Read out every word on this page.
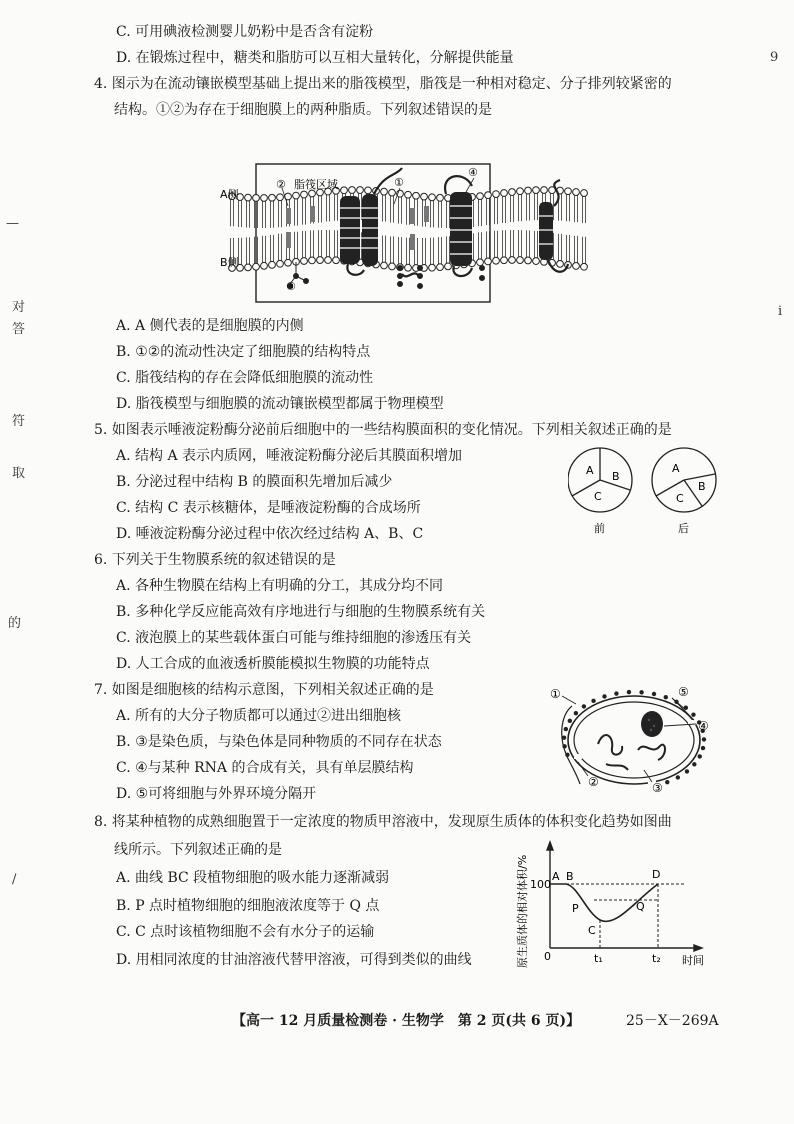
9
—
对
答
符
取
的
/
ⅰ
C. 可用碘液检测婴儿奶粉中是否含有淀粉
D. 在锻炼过程中，糖类和脂肪可以互相大量转化，分解提供能量
4. 图示为在流动镶嵌模型基础上提出来的脂筏模型，脂筏是一种相对稳定、分子排列较紧密的
结构。①②为存在于细胞膜上的两种脂质。下列叙述错误的是
A侧
B侧
② 脂筏区域	①
④
③
A. A 侧代表的是细胞膜的内侧
B. ①②的流动性决定了细胞膜的结构特点
C. 脂筏结构的存在会降低细胞膜的流动性
D. 脂筏模型与细胞膜的流动镶嵌模型都属于物理模型
5. 如图表示唾液淀粉酶分泌前后细胞中的一些结构膜面积的变化情况。下列相关叙述正确的是
A. 结构 A 表示内质网，唾液淀粉酶分泌后其膜面积增加
B. 分泌过程中结构 B 的膜面积先增加后减少
C. 结构 C 表示核糖体，是唾液淀粉酶的合成场所
D. 唾液淀粉酶分泌过程中依次经过结构 A、B、C
A B
C
A
B
C
前	后
6. 下列关于生物膜系统的叙述错误的是
A. 各种生物膜在结构上有明确的分工，其成分均不同
B. 多种化学反应能高效有序地进行与细胞的生物膜系统有关
C. 液泡膜上的某些载体蛋白可能与维持细胞的渗透压有关
D. 人工合成的血液透析膜能模拟生物膜的功能特点
7. 如图是细胞核的结构示意图，下列相关叙述正确的是
A. 所有的大分子物质都可以通过②进出细胞核
B. ③是染色质，与染色体是同种物质的不同存在状态
C. ④与某种 RNA 的合成有关，具有单层膜结构
D. ⑤可将细胞与外界环境分隔开
①	⑤
④
③
②
8. 将某种植物的成熟细胞置于一定浓度的物质甲溶液中，发现原生质体的体积变化趋势如图曲
线所示。下列叙述正确的是
A. 曲线 BC 段植物细胞的吸水能力逐渐减弱
B. P 点时植物细胞的细胞液浓度等于 Q 点
C. C 点时该植物细胞不会有水分子的运输
D. 用相同浓度的甘油溶液代替甲溶液，可得到类似的曲线	原生质体的相对体积/% 100
0	t₁	t₂ 时间
A B
P
C
Q
D
【高一 12 月质量检测卷 · 生物学　第 2 页(共 6 页)】	25－X－269A
